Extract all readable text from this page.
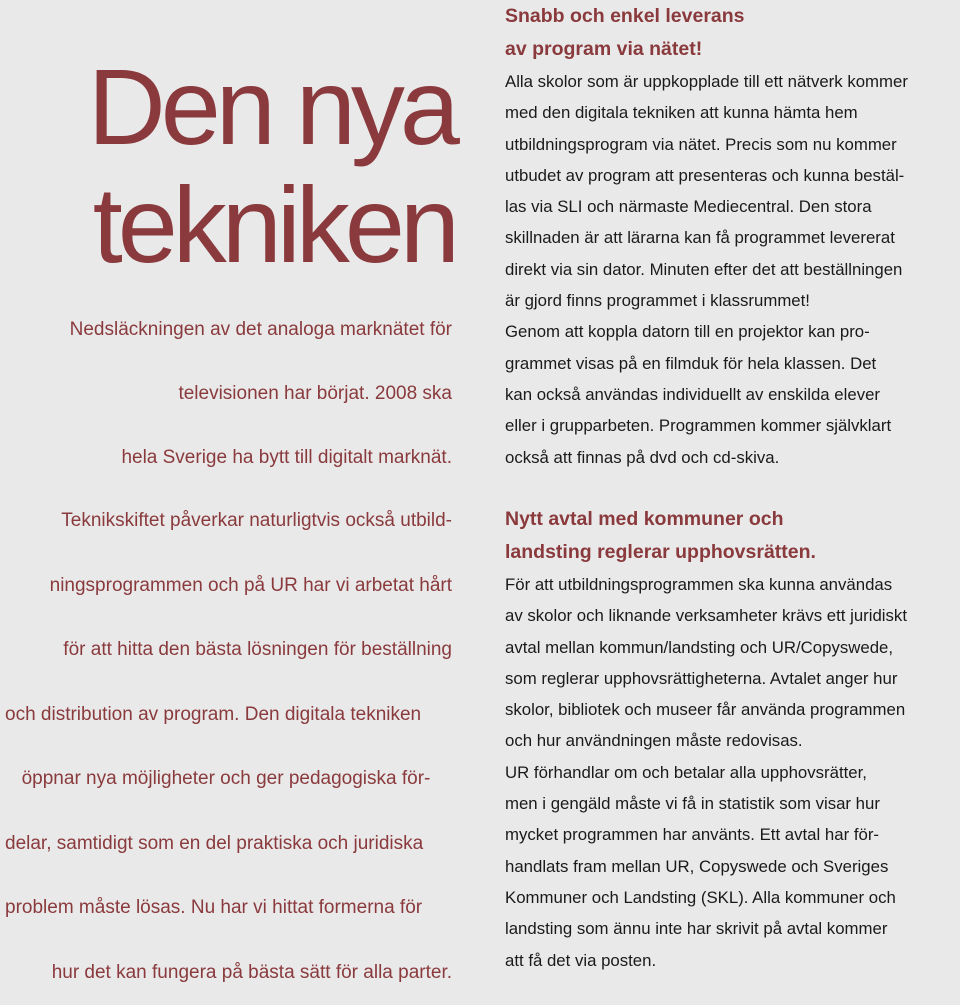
Den nya
tekniken

Nedsläckningen av det analoga marknätet för
televisionen har börjat. 2008 ska
hela Sverige ha bytt till digitalt marknät.

Teknikskiftet påverkar naturligtvis också utbild-
ningsprogrammen och på UR har vi arbetat hårt
för att hitta den bästa lösningen för beställning
och distribution av program. Den digitala tekniken
öppnar nya möjligheter och ger pedagogiska för-
delar, samtidigt som en del praktiska och juridiska
problem måste lösas. Nu har vi hittat formerna för
hur det kan fungera på bästa sätt för alla parter.

Snabb och enkel leverans
av program via nätet!

Alla skolor som är uppkopplade till ett nätverk kommer
med den digitala tekniken att kunna hämta hem
utbildningsprogram via nätet. Precis som nu kommer
utbudet av program att presenteras och kunna bestäl-
las via SLI och närmaste Mediecentral. Den stora
skillnaden är att lärarna kan få programmet levererat
direkt via sin dator. Minuten efter det att beställningen
är gjord finns programmet i klassrummet!
Genom att koppla datorn till en projektor kan pro-
grammet visas på en filmduk för hela klassen. Det
kan också användas individuellt av enskilda elever
eller i grupparbeten. Programmen kommer självklart
också att finnas på dvd och cd-skiva.

Nytt avtal med kommuner och
landsting reglerar upphovsrätten.

För att utbildningsprogrammen ska kunna användas
av skolor och liknande verksamheter krävs ett juridiskt
avtal mellan kommun/landsting och UR/Copyswede,
som reglerar upphovsrättigheterna. Avtalet anger hur
skolor, bibliotek och museer får använda programmen
och hur användningen måste redovisas.
UR förhandlar om och betalar alla upphovsrätter,
men i gengäld måste vi få in statistik som visar hur
mycket programmen har använts. Ett avtal har för-
handlats fram mellan UR, Copyswede och Sveriges
Kommuner och Landsting (SKL). Alla kommuner och
landsting som ännu inte har skrivit på avtal kommer
att få det via posten.
